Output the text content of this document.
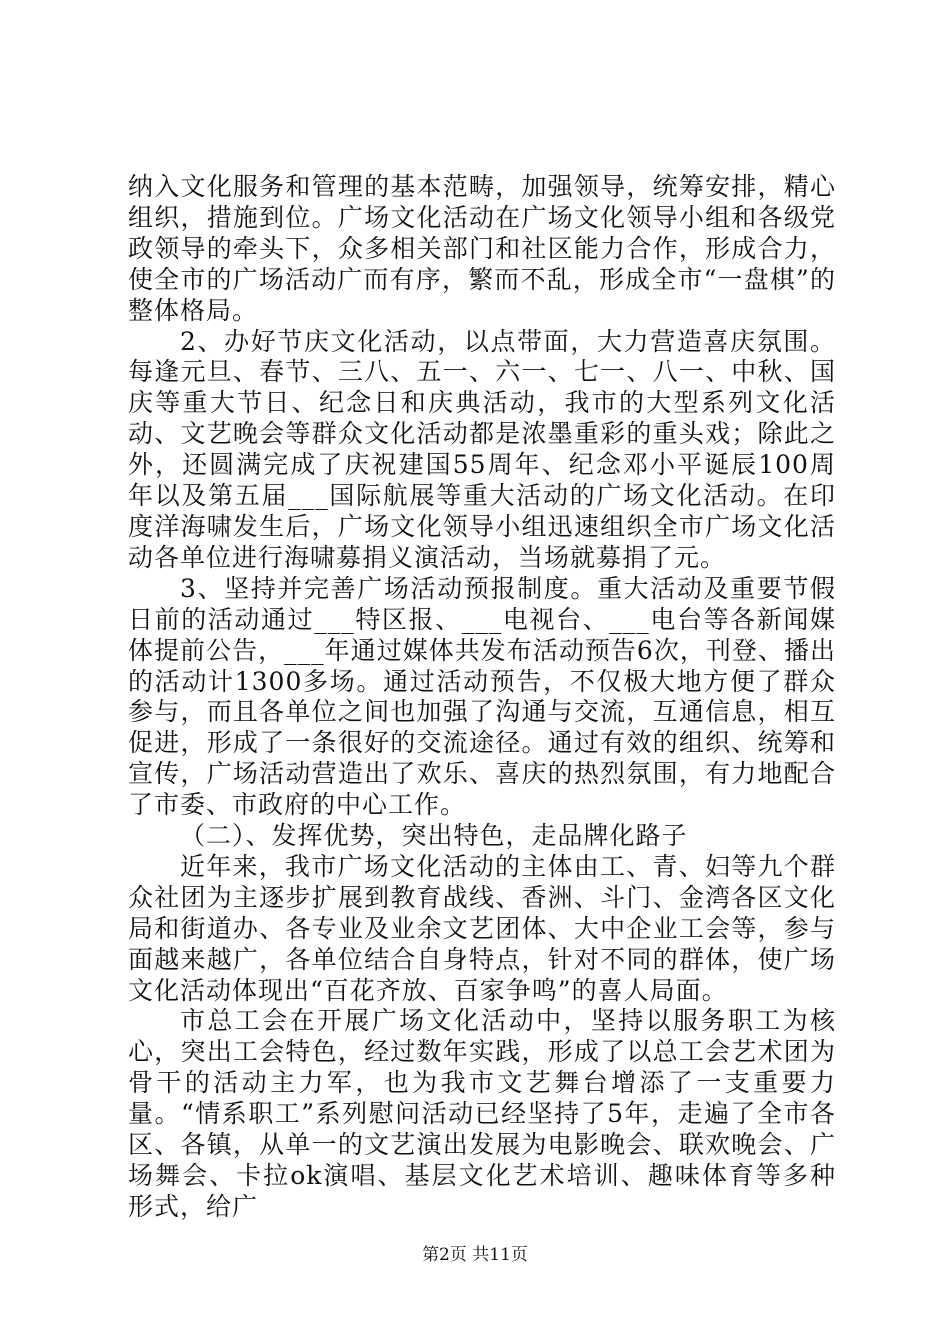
纳入文化服务和管理的基本范畴，加强领导，统筹安排，精心组织，措施到位。广场文化活动在广场文化领导小组和各级党政领导的牵头下，众多相关部门和社区能力合作，形成合力，使全市的广场活动广而有序，繁而不乱，形成全市“一盘棋”的整体格局。

2、办好节庆文化活动，以点带面，大力营造喜庆氛围。每逢元旦、春节、三八、五一、六一、七一、八一、中秋、国庆等重大节日、纪念日和庆典活动，我市的大型系列文化活动、文艺晚会等群众文化活动都是浓墨重彩的重头戏；除此之外，还圆满完成了庆祝建国55周年、纪念邓小平诞辰100周年以及第五届___国际航展等重大活动的广场文化活动。在印度洋海啸发生后，广场文化领导小组迅速组织全市广场文化活动各单位进行海啸募捐义演活动，当场就募捐了元。

3、坚持并完善广场活动预报制度。重大活动及重要节假日前的活动通过___特区报、___电视台、___电台等各新闻媒体提前公告，___年通过媒体共发布活动预告6次，刊登、播出的活动计1300多场。通过活动预告，不仅极大地方便了群众参与，而且各单位之间也加强了沟通与交流，互通信息，相互促进，形成了一条很好的交流途径。通过有效的组织、统筹和宣传，广场活动营造出了欢乐、喜庆的热烈氛围，有力地配合了市委、市政府的中心工作。

（二）、发挥优势，突出特色，走品牌化路子

近年来，我市广场文化活动的主体由工、青、妇等九个群众社团为主逐步扩展到教育战线、香洲、斗门、金湾各区文化局和街道办、各专业及业余文艺团体、大中企业工会等，参与面越来越广，各单位结合自身特点，针对不同的群体，使广场文化活动体现出“百花齐放、百家争鸣”的喜人局面。

市总工会在开展广场文化活动中，坚持以服务职工为核心，突出工会特色，经过数年实践，形成了以总工会艺术团为骨干的活动主力军，也为我市文艺舞台增添了一支重要力量。“情系职工”系列慰问活动已经坚持了5年，走遍了全市各区、各镇，从单一的文艺演出发展为电影晚会、联欢晚会、广场舞会、卡拉ok演唱、基层文化艺术培训、趣味体育等多种形式，给广

第2页 共11页
